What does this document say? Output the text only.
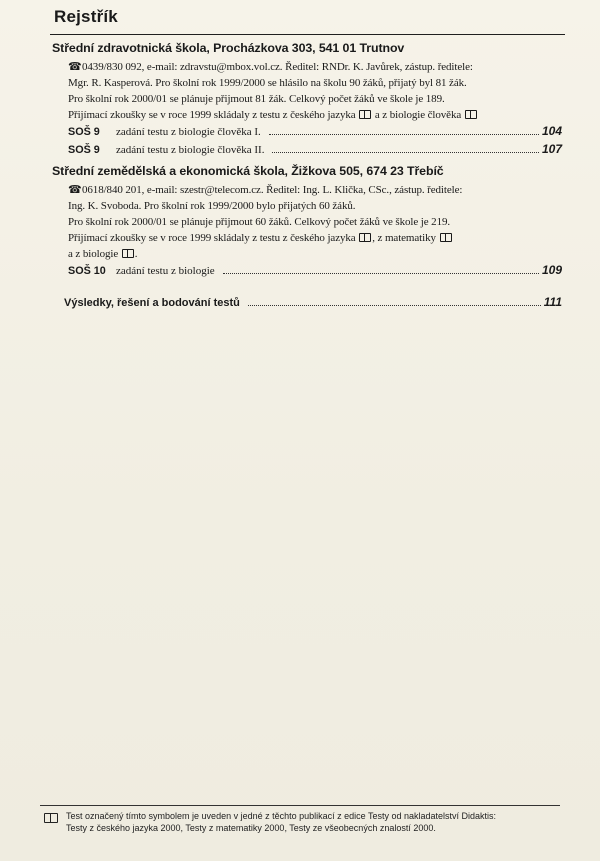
Rejstřík
Střední zdravotnická škola, Procházkova 303, 541 01 Trutnov
☎0439/830 092, e-mail: zdravstu@mbox.vol.cz. Ředitel: RNDr. K. Javůrek, zástup. ředitele:
Mgr. R. Kasperová. Pro školní rok 1999/2000 se hlásilo na školu 90 žáků, přijatý byl 81 žák.
Pro školní rok 2000/01 se plánuje přijmout 81 žák. Celkový počet žáků ve škole je 189.
Přijímací zkoušky se v roce 1999 skládaly z testu z českého jazyka a z biologie člověka
SOŠ 9	zadání testu z biologie člověka I.	104
SOŠ 9	zadání testu z biologie člověka II.	107
Střední zemědělská a ekonomická škola, Žižkova 505, 674 23 Třebíč
☎0618/840 201, e-mail: szestr@telecom.cz. Ředitel: Ing. L. Klička, CSc., zástup. ředitele:
Ing. K. Svoboda. Pro školní rok 1999/2000 bylo přijatých 60 žáků.
Pro školní rok 2000/01 se plánuje přijmout 60 žáků. Celkový počet žáků ve škole je 219.
Přijímací zkoušky se v roce 1999 skládaly z testu z českého jazyka , z matematiky
a z biologie .
SOŠ 10 zadání testu z biologie	109
Výsledky, řešení a bodování testů	111
Test označený tímto symbolem je uveden v jedné z těchto publikací z edice Testy od nakladatelství Didaktis:
Testy z českého jazyka 2000, Testy z matematiky 2000, Testy ze všeobecných znalostí 2000.
